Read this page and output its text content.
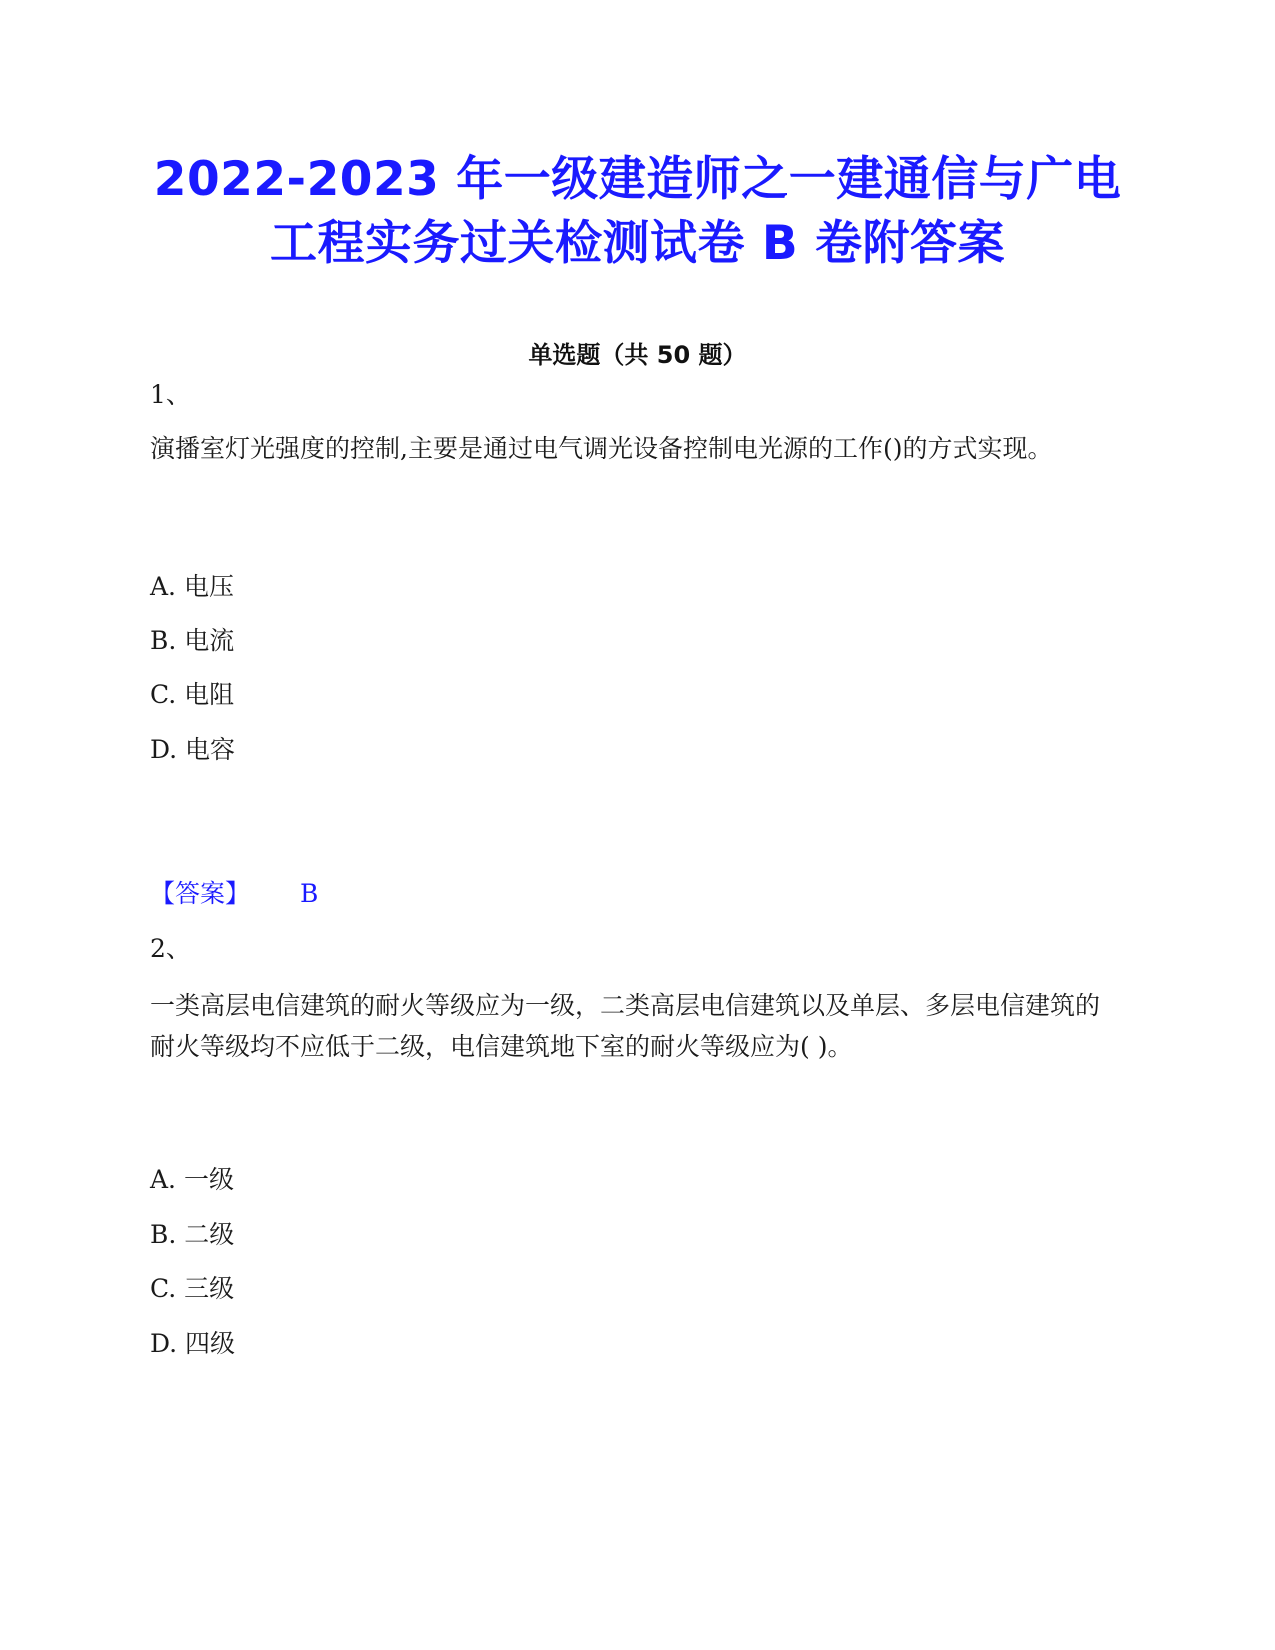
2022-2023 年一级建造师之一建通信与广电
工程实务过关检测试卷 B 卷附答案
单选题（共 50 题）
1、
演播室灯光强度的控制,主要是通过电气调光设备控制电光源的工作()的方式实现。
A. 电压
B. 电流
C. 电阻
D. 电容
【答案】 B
2、
一类高层电信建筑的耐火等级应为一级，二类高层电信建筑以及单层、多层电信建筑的耐火等级均不应低于二级，电信建筑地下室的耐火等级应为( )。
A. 一级
B. 二级
C. 三级
D. 四级
